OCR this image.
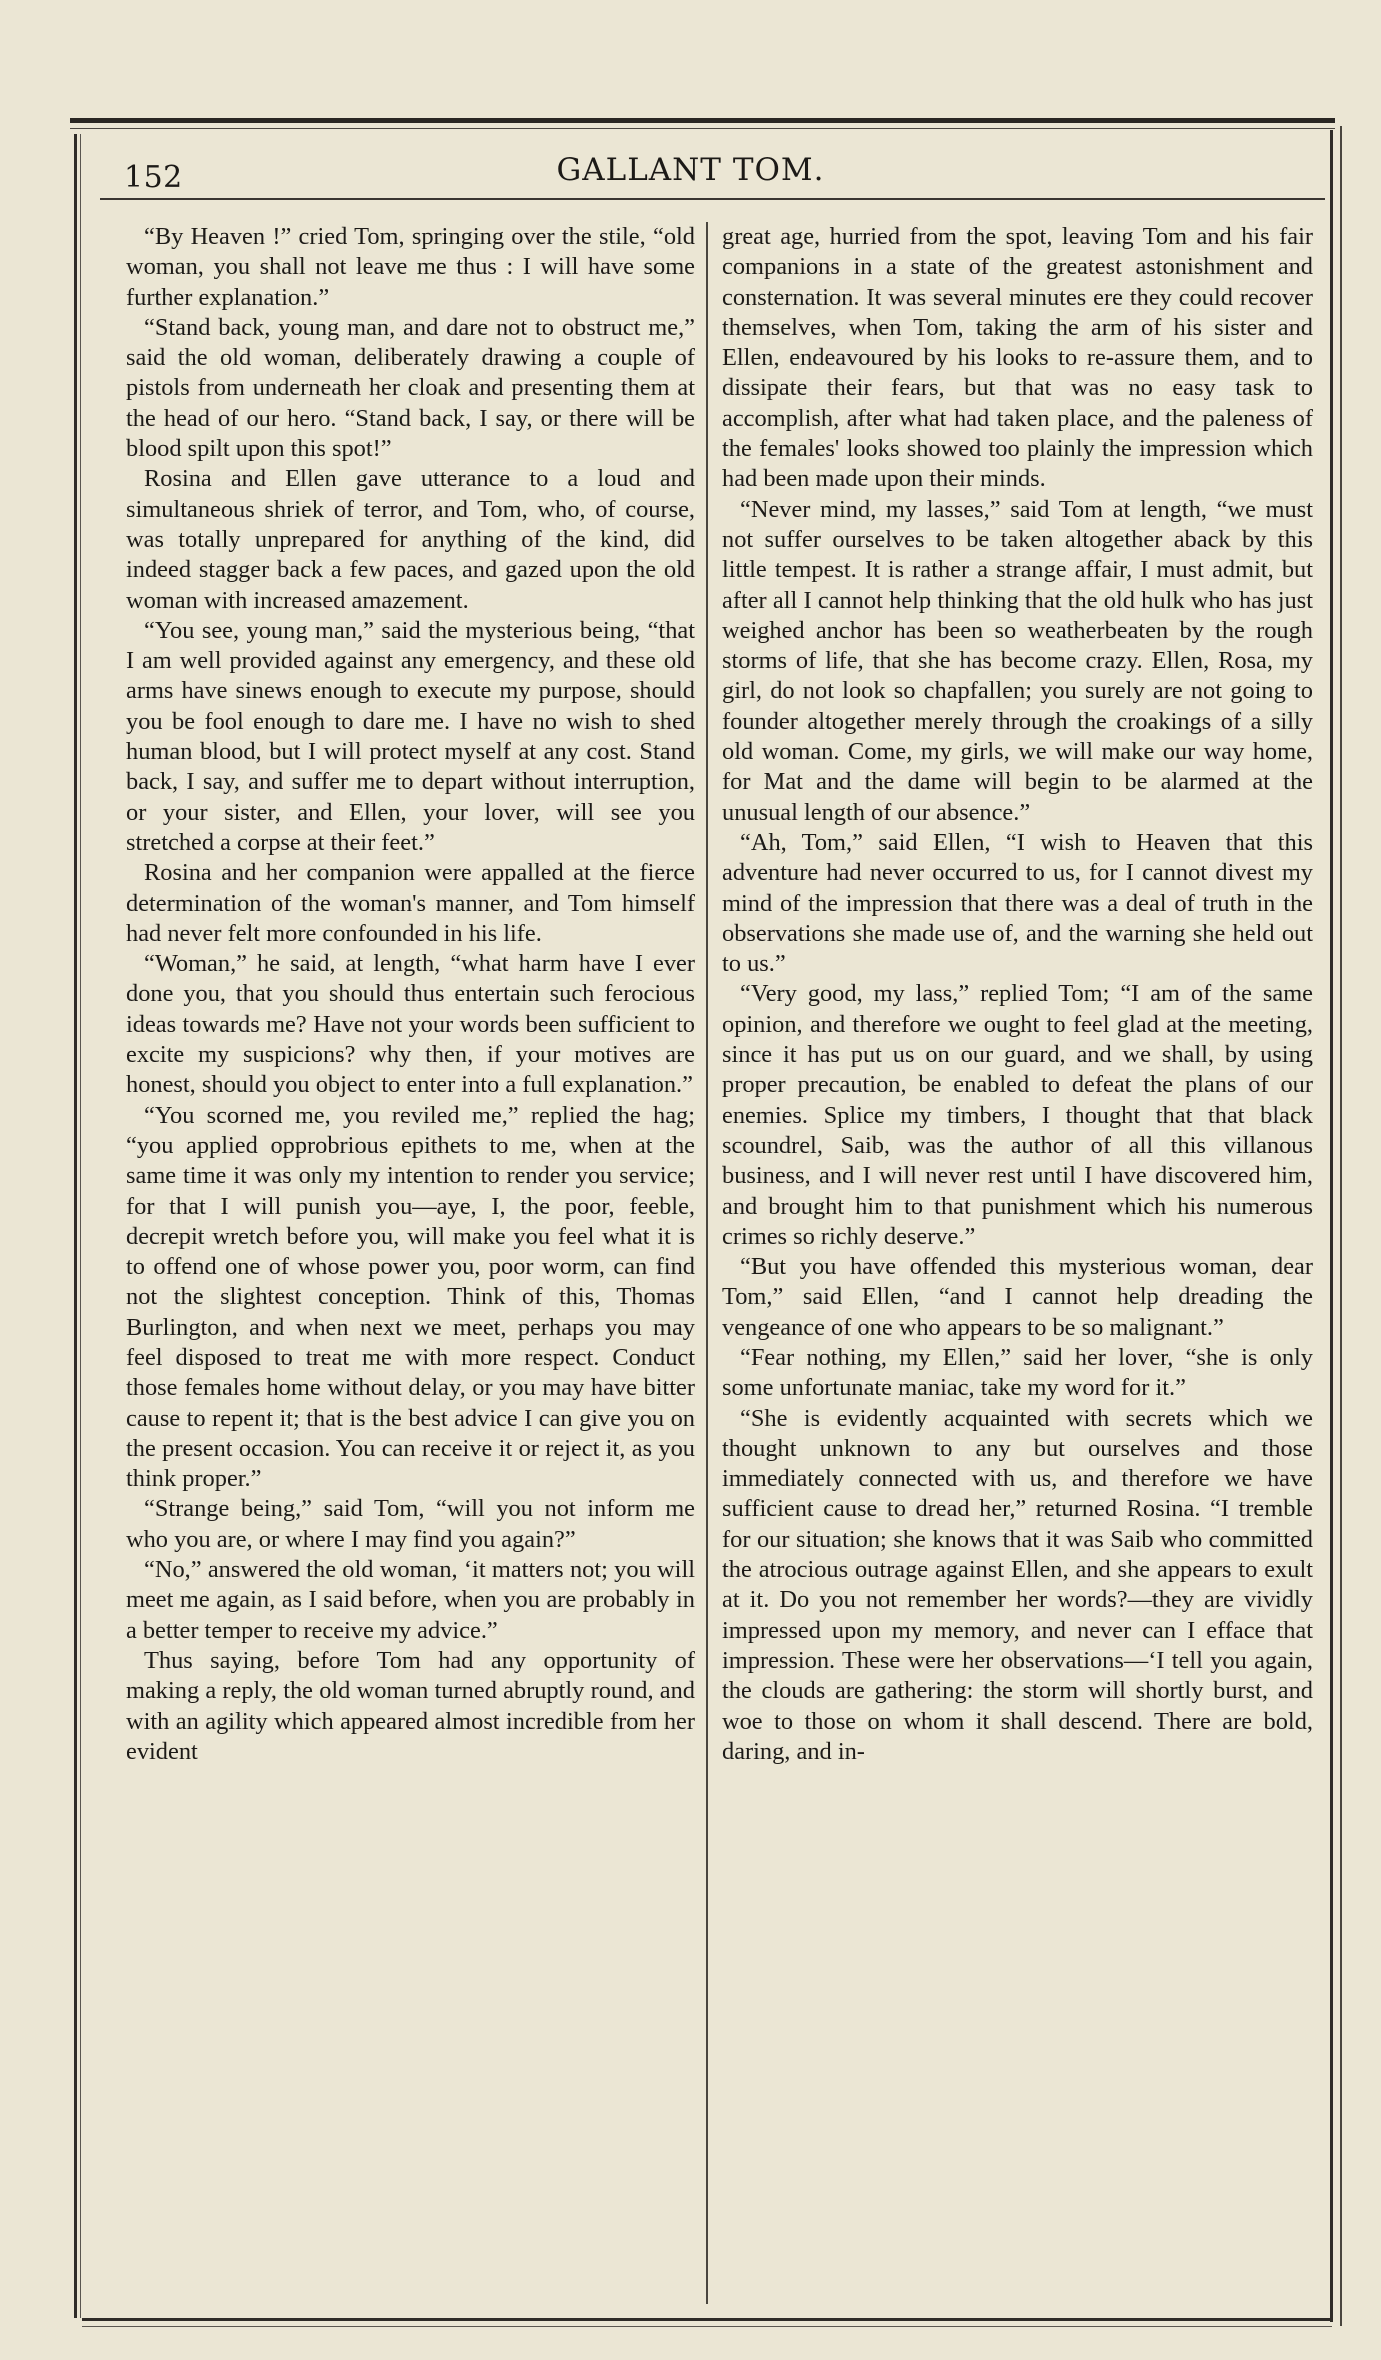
152	GALLANT TOM.

“By Heaven !” cried Tom, springing over the stile, “old woman, you shall not leave me thus : I will have some further explanation.”

“Stand back, young man, and dare not to obstruct me,” said the old woman, deliberately drawing a couple of pistols from underneath her cloak and presenting them at the head of our hero. “Stand back, I say, or there will be blood spilt upon this spot!”

Rosina and Ellen gave utterance to a loud and simultaneous shriek of terror, and Tom, who, of course, was totally unprepared for anything of the kind, did indeed stagger back a few paces, and gazed upon the old woman with increased amazement.

“You see, young man,” said the mysterious being, “that I am well provided against any emergency, and these old arms have sinews enough to execute my purpose, should you be fool enough to dare me. I have no wish to shed human blood, but I will protect myself at any cost. Stand back, I say, and suffer me to depart without interruption, or your sister, and Ellen, your lover, will see you stretched a corpse at their feet.”

Rosina and her companion were appalled at the fierce determination of the woman's manner, and Tom himself had never felt more confounded in his life.

“Woman,” he said, at length, “what harm have I ever done you, that you should thus entertain such ferocious ideas towards me? Have not your words been sufficient to excite my suspicions? why then, if your motives are honest, should you object to enter into a full explanation.”

“You scorned me, you reviled me,” replied the hag; “you applied opprobrious epithets to me, when at the same time it was only my intention to render you service; for that I will punish you—aye, I, the poor, feeble, decrepit wretch before you, will make you feel what it is to offend one of whose power you, poor worm, can find not the slightest conception. Think of this, Thomas Burlington, and when next we meet, perhaps you may feel disposed to treat me with more respect. Conduct those females home without delay, or you may have bitter cause to repent it; that is the best advice I can give you on the present occasion. You can receive it or reject it, as you think proper.”

“Strange being,” said Tom, “will you not inform me who you are, or where I may find you again?”

“No,” answered the old woman, ‘it matters not; you will meet me again, as I said before, when you are probably in a better temper to receive my advice.”

Thus saying, before Tom had any opportunity of making a reply, the old woman turned abruptly round, and with an agility which appeared almost incredible from her evident

great age, hurried from the spot, leaving Tom and his fair companions in a state of the greatest astonishment and consternation. It was several minutes ere they could recover themselves, when Tom, taking the arm of his sister and Ellen, endeavoured by his looks to re-assure them, and to dissipate their fears, but that was no easy task to accomplish, after what had taken place, and the paleness of the females' looks showed too plainly the impression which had been made upon their minds.

“Never mind, my lasses,” said Tom at length, “we must not suffer ourselves to be taken altogether aback by this little tempest. It is rather a strange affair, I must admit, but after all I cannot help thinking that the old hulk who has just weighed anchor has been so weatherbeaten by the rough storms of life, that she has become crazy. Ellen, Rosa, my girl, do not look so chapfallen; you surely are not going to founder altogether merely through the croakings of a silly old woman. Come, my girls, we will make our way home, for Mat and the dame will begin to be alarmed at the unusual length of our absence.”

“Ah, Tom,” said Ellen, “I wish to Heaven that this adventure had never occurred to us, for I cannot divest my mind of the impression that there was a deal of truth in the observations she made use of, and the warning she held out to us.”

“Very good, my lass,” replied Tom; “I am of the same opinion, and therefore we ought to feel glad at the meeting, since it has put us on our guard, and we shall, by using proper precaution, be enabled to defeat the plans of our enemies. Splice my timbers, I thought that that black scoundrel, Saib, was the author of all this villanous business, and I will never rest until I have discovered him, and brought him to that punishment which his numerous crimes so richly deserve.”

“But you have offended this mysterious woman, dear Tom,” said Ellen, “and I cannot help dreading the vengeance of one who appears to be so malignant.”

“Fear nothing, my Ellen,” said her lover, “she is only some unfortunate maniac, take my word for it.”

“She is evidently acquainted with secrets which we thought unknown to any but ourselves and those immediately connected with us, and therefore we have sufficient cause to dread her,” returned Rosina. “I tremble for our situation; she knows that it was Saib who committed the atrocious outrage against Ellen, and she appears to exult at it. Do you not remember her words?—they are vividly impressed upon my memory, and never can I efface that impression. These were her observations—‘I tell you again, the clouds are gathering: the storm will shortly burst, and woe to those on whom it shall descend. There are bold, daring, and in-
